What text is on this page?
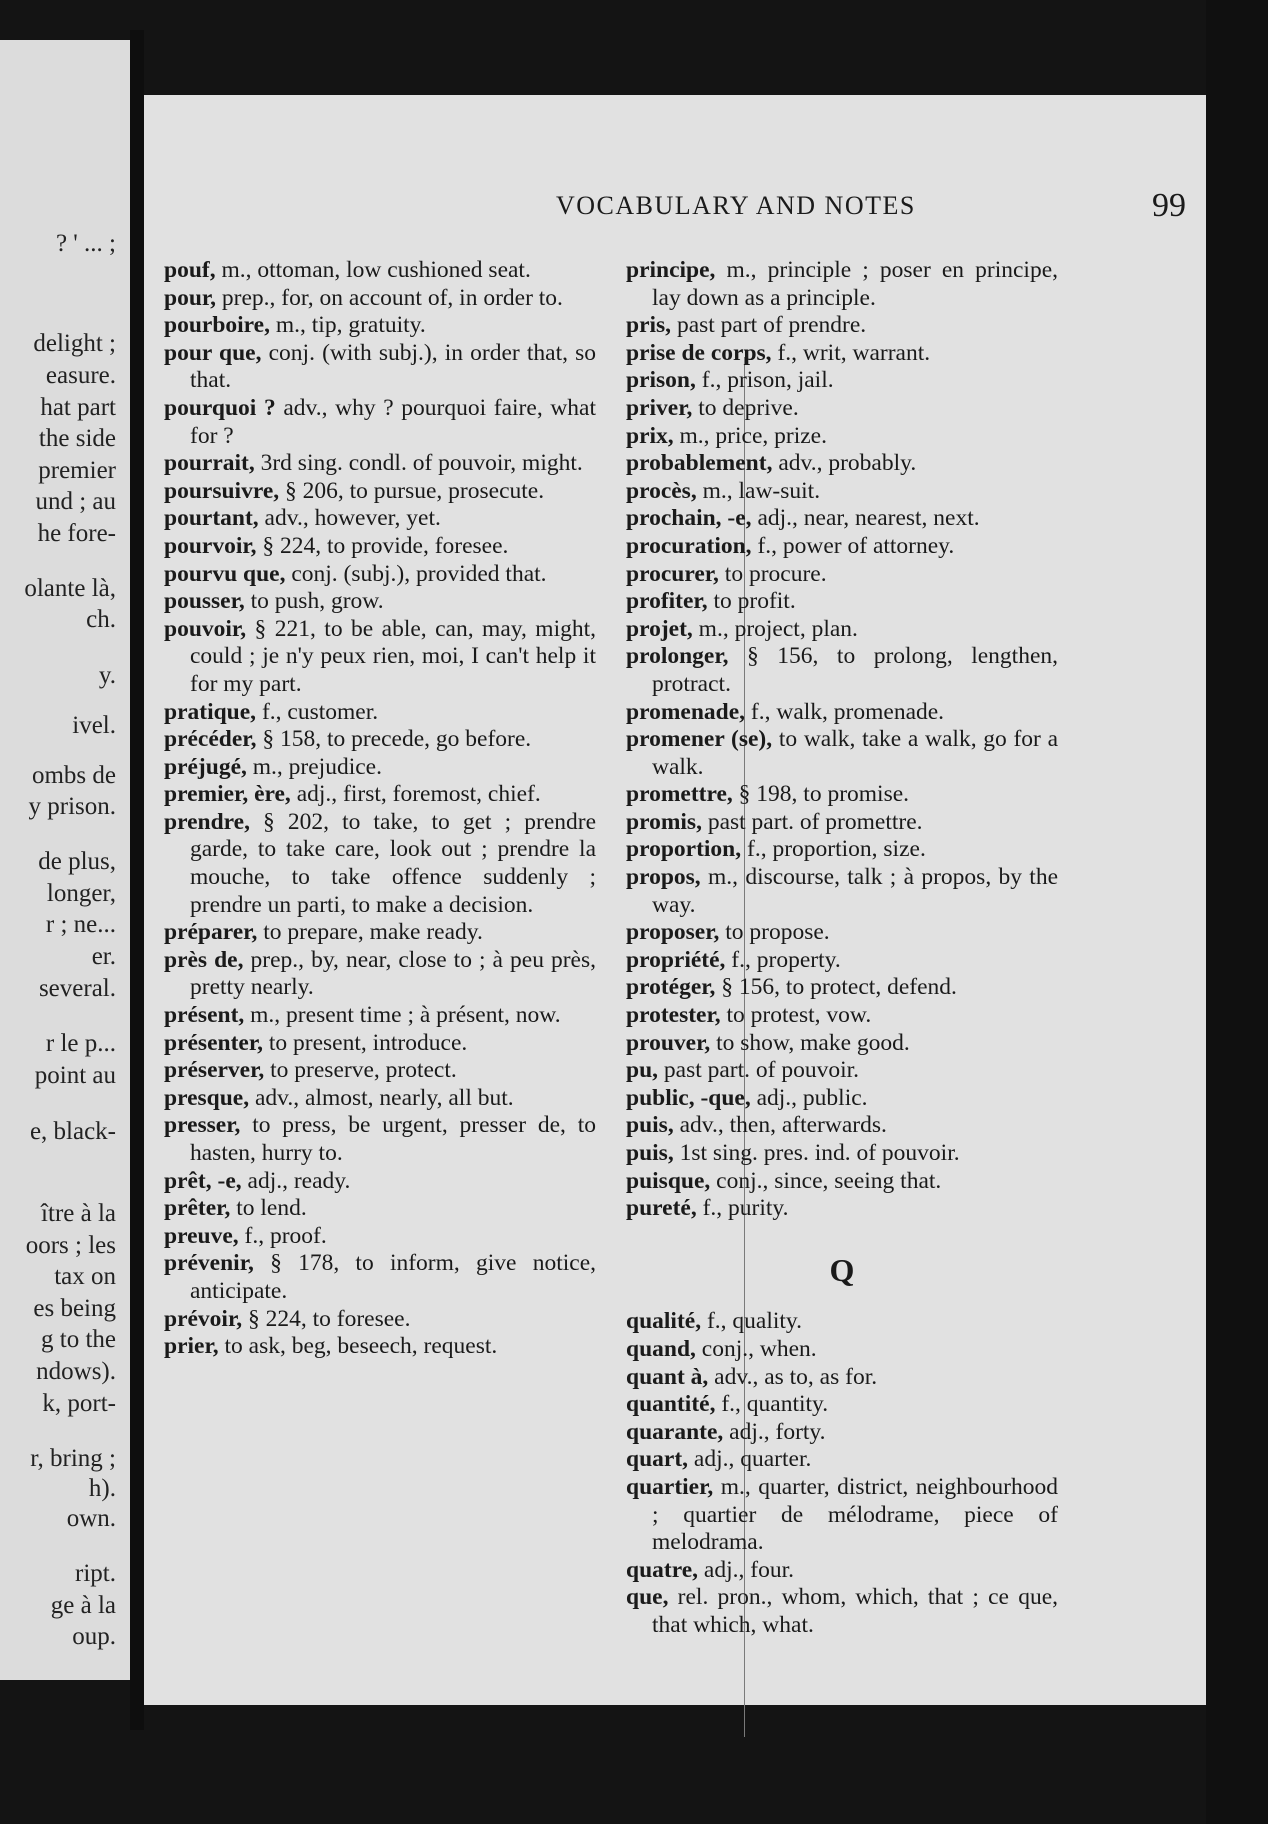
? ' ... ;
delight ;
easure.
hat part
the side
premier
und ; au
he fore-
olante là,
ch.
y.
ivel.
ombs de
y prison.
de plus,
longer,
r ; ne...
er.
several.
r le p...
point au
e, black-
ître à la
oors ; les
tax on
es being
g to the
ndows).
k, port-
r, bring ;
h).
own.
ript.
ge à la
oup.
VOCABULARY AND NOTES	99

pouf, m., ottoman, low cushioned seat.

pour, prep., for, on account of, in order to.

pourboire, m., tip, gratuity.

pour que, conj. (with subj.), in order that, so that.

pourquoi ? adv., why ? pourquoi faire, what for ?

pourrait, 3rd sing. condl. of pouvoir, might.

poursuivre, § 206, to pursue, prosecute.

pourtant, adv., however, yet.

pourvoir, § 224, to provide, foresee.

pourvu que, conj. (subj.), provided that.

pousser, to push, grow.

pouvoir, § 221, to be able, can, may, might, could ; je n'y peux rien, moi, I can't help it for my part.

pratique, f., customer.

précéder, § 158, to precede, go before.

préjugé, m., prejudice.

premier, ère, adj., first, foremost, chief.

prendre, § 202, to take, to get ; prendre garde, to take care, look out ; prendre la mouche, to take offence suddenly ; prendre un parti, to make a decision.

préparer, to prepare, make ready.

près de, prep., by, near, close to ; à peu près, pretty nearly.

présent, m., present time ; à présent, now.

présenter, to present, introduce.

préserver, to preserve, protect.

presque, adv., almost, nearly, all but.

presser, to press, be urgent, presser de, to hasten, hurry to.

prêt, -e, adj., ready.

prêter, to lend.

preuve, f., proof.

prévenir, § 178, to inform, give notice, anticipate.

prévoir, § 224, to foresee.

prier, to ask, beg, beseech, request.

principe, m., principle ; poser en principe, lay down as a principle.

pris, past part of prendre.

prise de corps, f., writ, warrant.

prison, f., prison, jail.

priver, to deprive.

prix, m., price, prize.

probablement, adv., probably.

procès, m., law-suit.

prochain, -e, adj., near, nearest, next.

procuration, f., power of attorney.

procurer, to procure.

profiter, to profit.

projet, m., project, plan.

prolonger, § 156, to prolong, lengthen, protract.

promenade, f., walk, promenade.

promener (se), to walk, take a walk, go for a walk.

promettre, § 198, to promise.

promis, past part. of promettre.

proportion, f., proportion, size.

propos, m., discourse, talk ; à propos, by the way.

proposer, to propose.

propriété, f., property.

protéger, § 156, to protect, defend.

protester, to protest, vow.

prouver, to show, make good.

pu, past part. of pouvoir.

public, -que, adj., public.

puis, adv., then, afterwards.

puis, 1st sing. pres. ind. of pouvoir.

puisque, conj., since, seeing that.

pureté, f., purity.

Q

qualité, f., quality.

quand, conj., when.

quant à, adv., as to, as for.

quantité, f., quantity.

quarante, adj., forty.

quart, adj., quarter.

quartier, m., quarter, district, neighbourhood ; quartier de mélodrame, piece of melodrama.

quatre, adj., four.

que, rel. pron., whom, which, that ; ce que, that which, what.
